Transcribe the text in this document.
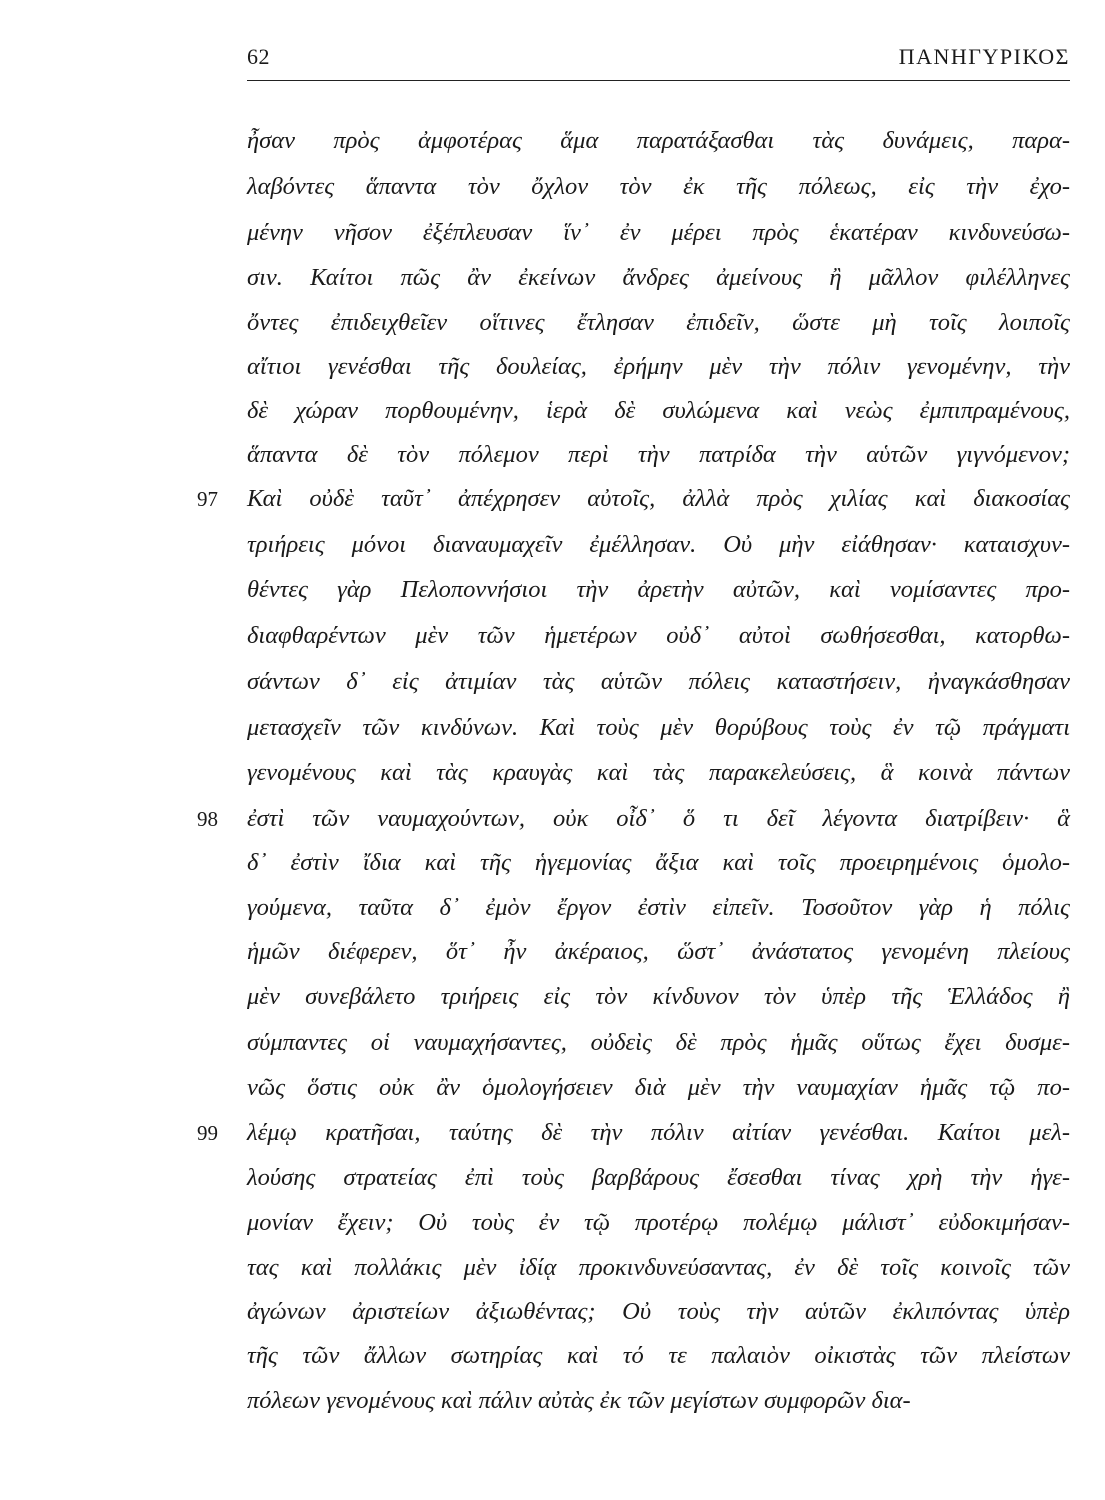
62	ΠΑΝΗΓΥΡΙΚΟΣ
ἦσαν πρὸς ἀμφοτέρας ἅμα παρατάξασθαι τὰς δυνάμεις, παρα-
λαβόντες ἅπαντα τὸν ὄχλον τὸν ἐκ τῆς πόλεως, εἰς τὴν ἐχο-
μένην νῆσον ἐξέπλευσαν ἵν᾽ ἐν μέρει πρὸς ἑκατέραν κινδυνεύσω-
σιν. Καίτοι πῶς ἂν ἐκείνων ἄνδρες ἀμείνους ἢ μᾶλλον φιλέλληνες
ὄντες ἐπιδειχθεῖεν οἵτινες ἔτλησαν ἐπιδεῖν, ὥστε μὴ τοῖς λοιποῖς
αἴτιοι γενέσθαι τῆς δουλείας, ἐρήμην μὲν τὴν πόλιν γενομένην, τὴν
δὲ χώραν πορθουμένην, ἱερὰ δὲ συλώμενα καὶ νεὼς ἐμπιπραμένους,
ἅπαντα δὲ τὸν πόλεμον περὶ τὴν πατρίδα τὴν αὑτῶν γιγνόμενον;
97 Καὶ οὐδὲ ταῦτ᾽ ἀπέχρησεν αὐτοῖς, ἀλλὰ πρὸς χιλίας καὶ διακοσίας
τριήρεις μόνοι διαναυμαχεῖν ἐμέλλησαν. Οὐ μὴν εἰάθησαν· καταισχυν-
θέντες γὰρ Πελοποννήσιοι τὴν ἀρετὴν αὐτῶν, καὶ νομίσαντες προ-
διαφθαρέντων μὲν τῶν ἡμετέρων οὐδ᾽ αὐτοὶ σωθήσεσθαι, κατορθω-
σάντων δ᾽ εἰς ἀτιμίαν τὰς αὑτῶν πόλεις καταστήσειν, ἠναγκάσθησαν
μετασχεῖν τῶν κινδύνων. Καὶ τοὺς μὲν θορύβους τοὺς ἐν τῷ πράγματι
γενομένους καὶ τὰς κραυγὰς καὶ τὰς παρακελεύσεις, ἃ κοινὰ πάντων
98 ἐστὶ τῶν ναυμαχούντων, οὐκ οἶδ᾽ ὅ τι δεῖ λέγοντα διατρίβειν· ἃ
δ᾽ ἐστὶν ἴδια καὶ τῆς ἡγεμονίας ἄξια καὶ τοῖς προειρημένοις ὁμολο-
γούμενα, ταῦτα δ᾽ ἐμὸν ἔργον ἐστὶν εἰπεῖν. Τοσοῦτον γὰρ ἡ πόλις
ἡμῶν διέφερεν, ὅτ᾽ ἦν ἀκέραιος, ὥστ᾽ ἀνάστατος γενομένη πλείους
μὲν συνεβάλετο τριήρεις εἰς τὸν κίνδυνον τὸν ὑπὲρ τῆς Ἑλλάδος ἢ
σύμπαντες οἱ ναυμαχήσαντες, οὐδεὶς δὲ πρὸς ἡμᾶς οὕτως ἔχει δυσμε-
νῶς ὅστις οὐκ ἂν ὁμολογήσειεν διὰ μὲν τὴν ναυμαχίαν ἡμᾶς τῷ πο-
99 λέμῳ κρατῆσαι, ταύτης δὲ τὴν πόλιν αἰτίαν γενέσθαι. Καίτοι μελ-
λούσης στρατείας ἐπὶ τοὺς βαρβάρους ἔσεσθαι τίνας χρὴ τὴν ἡγε-
μονίαν ἔχειν; Οὐ τοὺς ἐν τῷ προτέρῳ πολέμῳ μάλιστ᾽ εὐδοκιμήσαν-
τας καὶ πολλάκις μὲν ἰδίᾳ προκινδυνεύσαντας, ἐν δὲ τοῖς κοινοῖς τῶν
ἀγώνων ἀριστείων ἀξιωθέντας; Οὐ τοὺς τὴν αὑτῶν ἐκλιπόντας ὑπὲρ
τῆς τῶν ἄλλων σωτηρίας καὶ τό τε παλαιὸν οἰκιστὰς τῶν πλείστων
πόλεων γενομένους καὶ πάλιν αὐτὰς ἐκ τῶν μεγίστων συμφορῶν δια-
